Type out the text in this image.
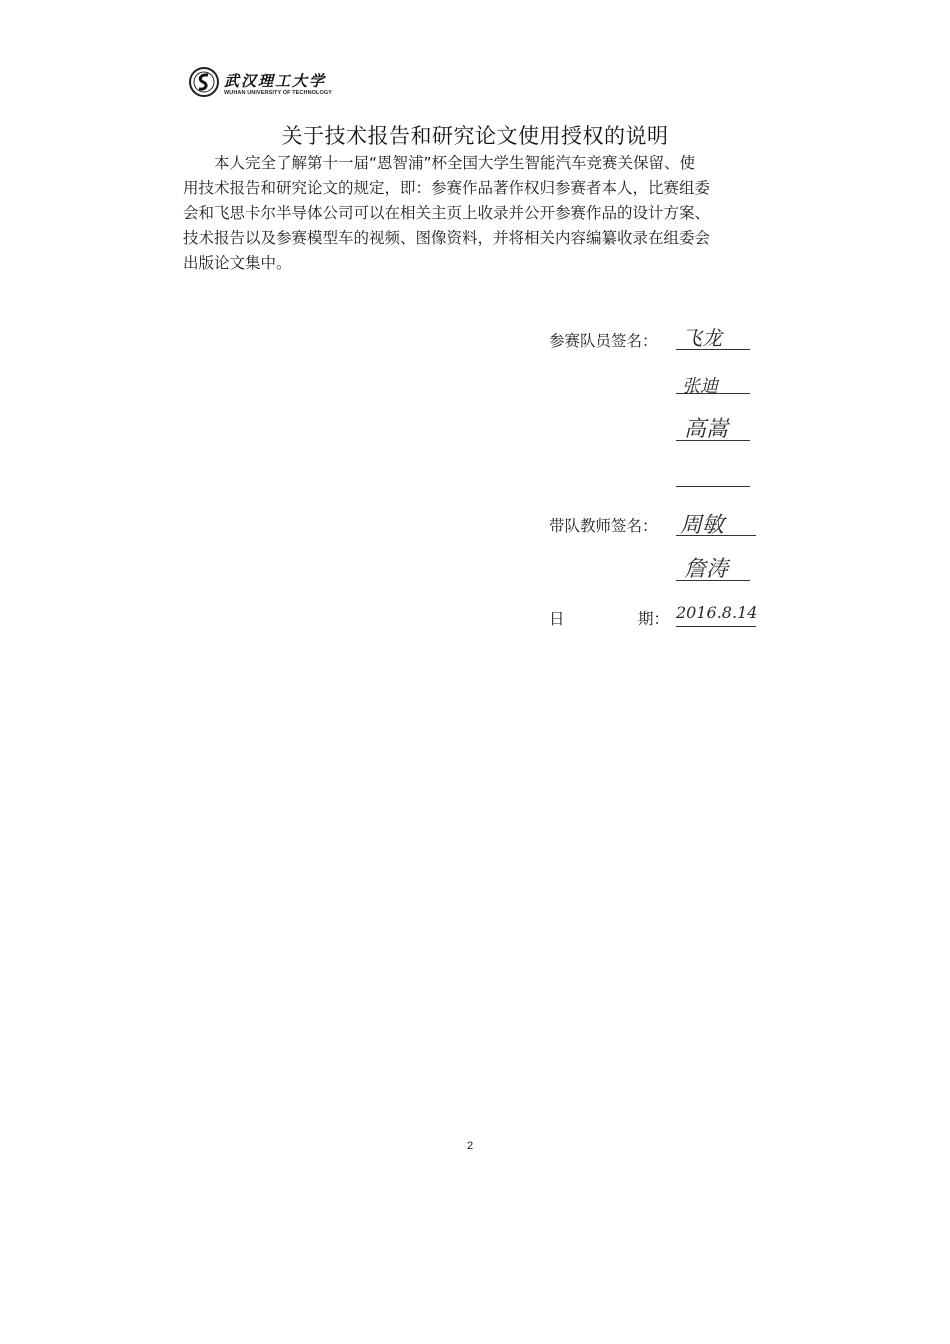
武汉理工大学
WUHAN UNIVERSITY OF TECHNOLOGY
关于技术报告和研究论文使用授权的说明
　　本人完全了解第十一届“恩智浦”杯全国大学生智能汽车竞赛关保留、使
用技术报告和研究论文的规定，即：参赛作品著作权归参赛者本人，比赛组委
会和飞思卡尔半导体公司可以在相关主页上收录并公开参赛作品的设计方案、
技术报告以及参赛模型车的视频、图像资料，并将相关内容编纂收录在组委会
出版论文集中。
参赛队员签名： 飞龙
张迪
高嵩
带队教师签名： 周敏
詹涛
日	期： 2016.8.14
2
